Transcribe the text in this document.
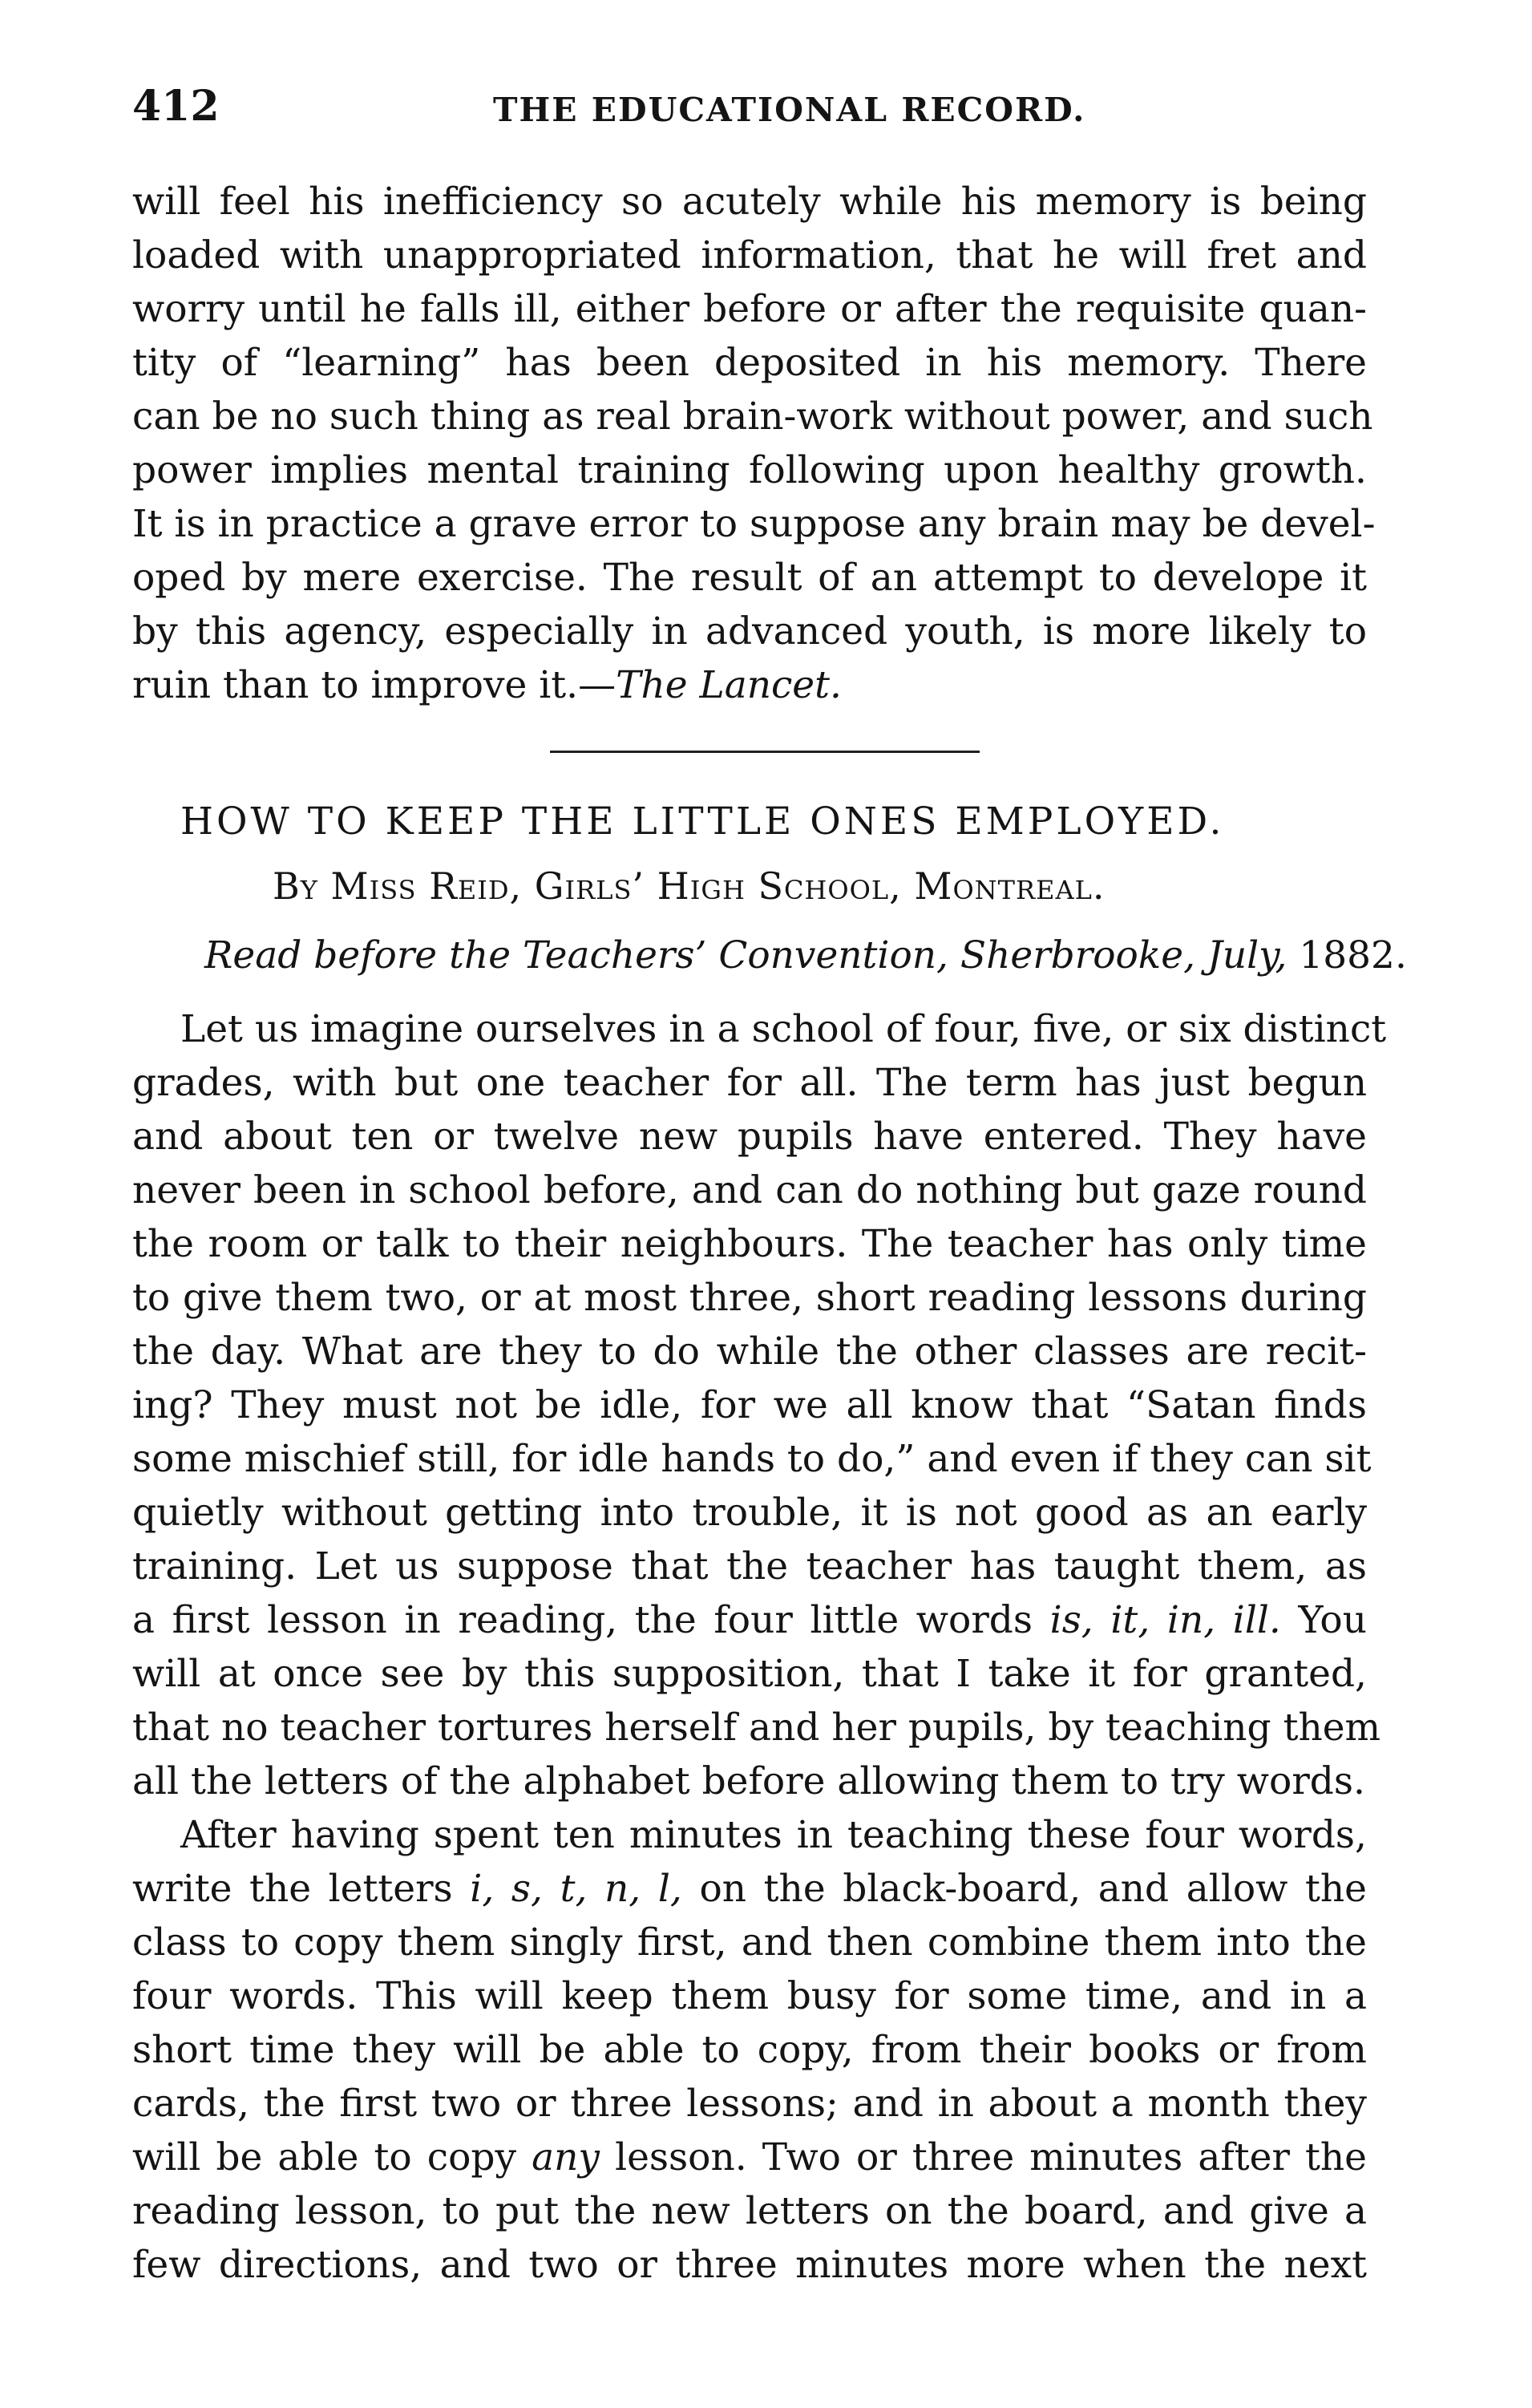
412	THE EDUCATIONAL RECORD.
will feel his inefficiency so acutely while his memory is being
loaded with unappropriated information, that he will fret and
worry until he falls ill, either before or after the requisite quan-
tity of “learning” has been deposited in his memory. There
can be no such thing as real brain-work without power, and such
power implies mental training following upon healthy growth.
It is in practice a grave error to suppose any brain may be devel-
oped by mere exercise. The result of an attempt to develope it
by this agency, especially in advanced youth, is more likely to
ruin than to improve it.—The Lancet.
HOW TO KEEP THE LITTLE ONES EMPLOYED.
By Miss Reid, Girls’ High School, Montreal.
Read before the Teachers’ Convention, Sherbrooke, July, 1882.
Let us imagine ourselves in a school of four, five, or six distinct
grades, with but one teacher for all. The term has just begun
and about ten or twelve new pupils have entered. They have
never been in school before, and can do nothing but gaze round
the room or talk to their neighbours. The teacher has only time
to give them two, or at most three, short reading lessons during
the day. What are they to do while the other classes are recit-
ing? They must not be idle, for we all know that “Satan finds
some mischief still, for idle hands to do,” and even if they can sit
quietly without getting into trouble, it is not good as an early
training. Let us suppose that the teacher has taught them, as
a first lesson in reading, the four little words is, it, in, ill. You
will at once see by this supposition, that I take it for granted,
that no teacher tortures herself and her pupils, by teaching them
all the letters of the alphabet before allowing them to try words.
After having spent ten minutes in teaching these four words,
write the letters i, s, t, n, l, on the black-board, and allow the
class to copy them singly first, and then combine them into the
four words. This will keep them busy for some time, and in a
short time they will be able to copy, from their books or from
cards, the first two or three lessons; and in about a month they
will be able to copy any lesson. Two or three minutes after the
reading lesson, to put the new letters on the board, and give a
few directions, and two or three minutes more when the next
